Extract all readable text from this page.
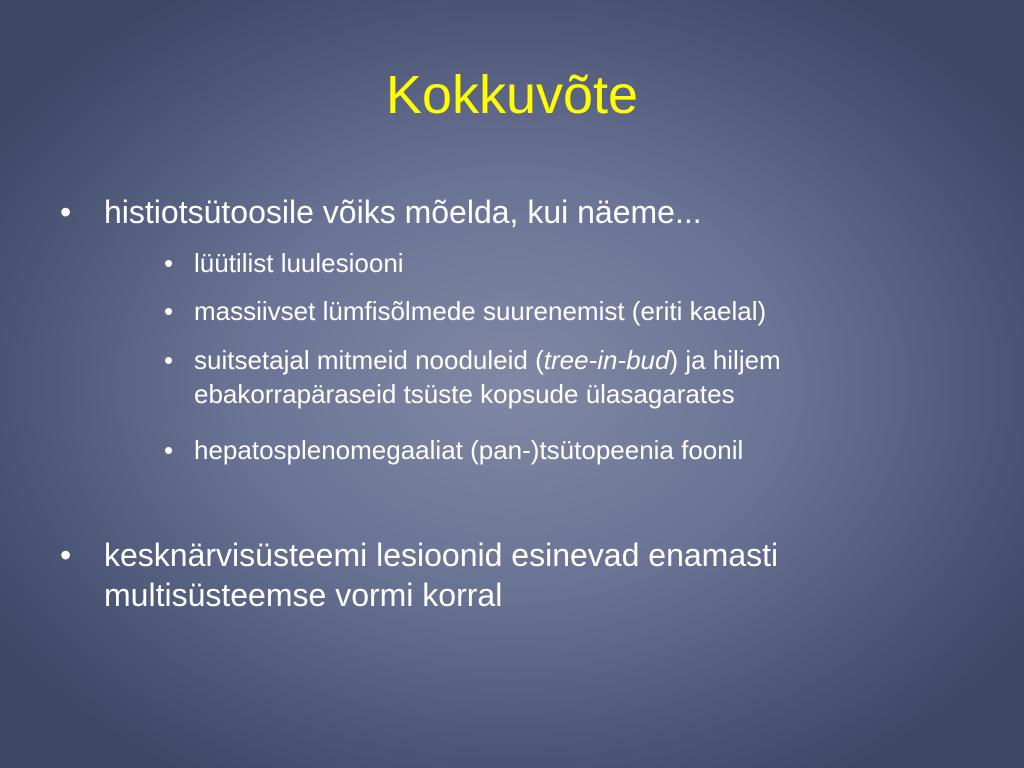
Kokkuvõte
•	histiotsütoosile võiks mõelda, kui näeme...
• lüütilist luulesiooni
• massiivset lümfisõlmede suurenemist (eriti kaelal)
• suitsetajal mitmeid nooduleid (tree-in-bud) ja hiljem ebakorrapäraseid tsüste kopsude ülasagarates
• hepatosplenomegaaliat (pan-)tsütopeenia foonil
•	kesknärvisüsteemi lesioonid esinevad enamasti multisüsteemse vormi korral
